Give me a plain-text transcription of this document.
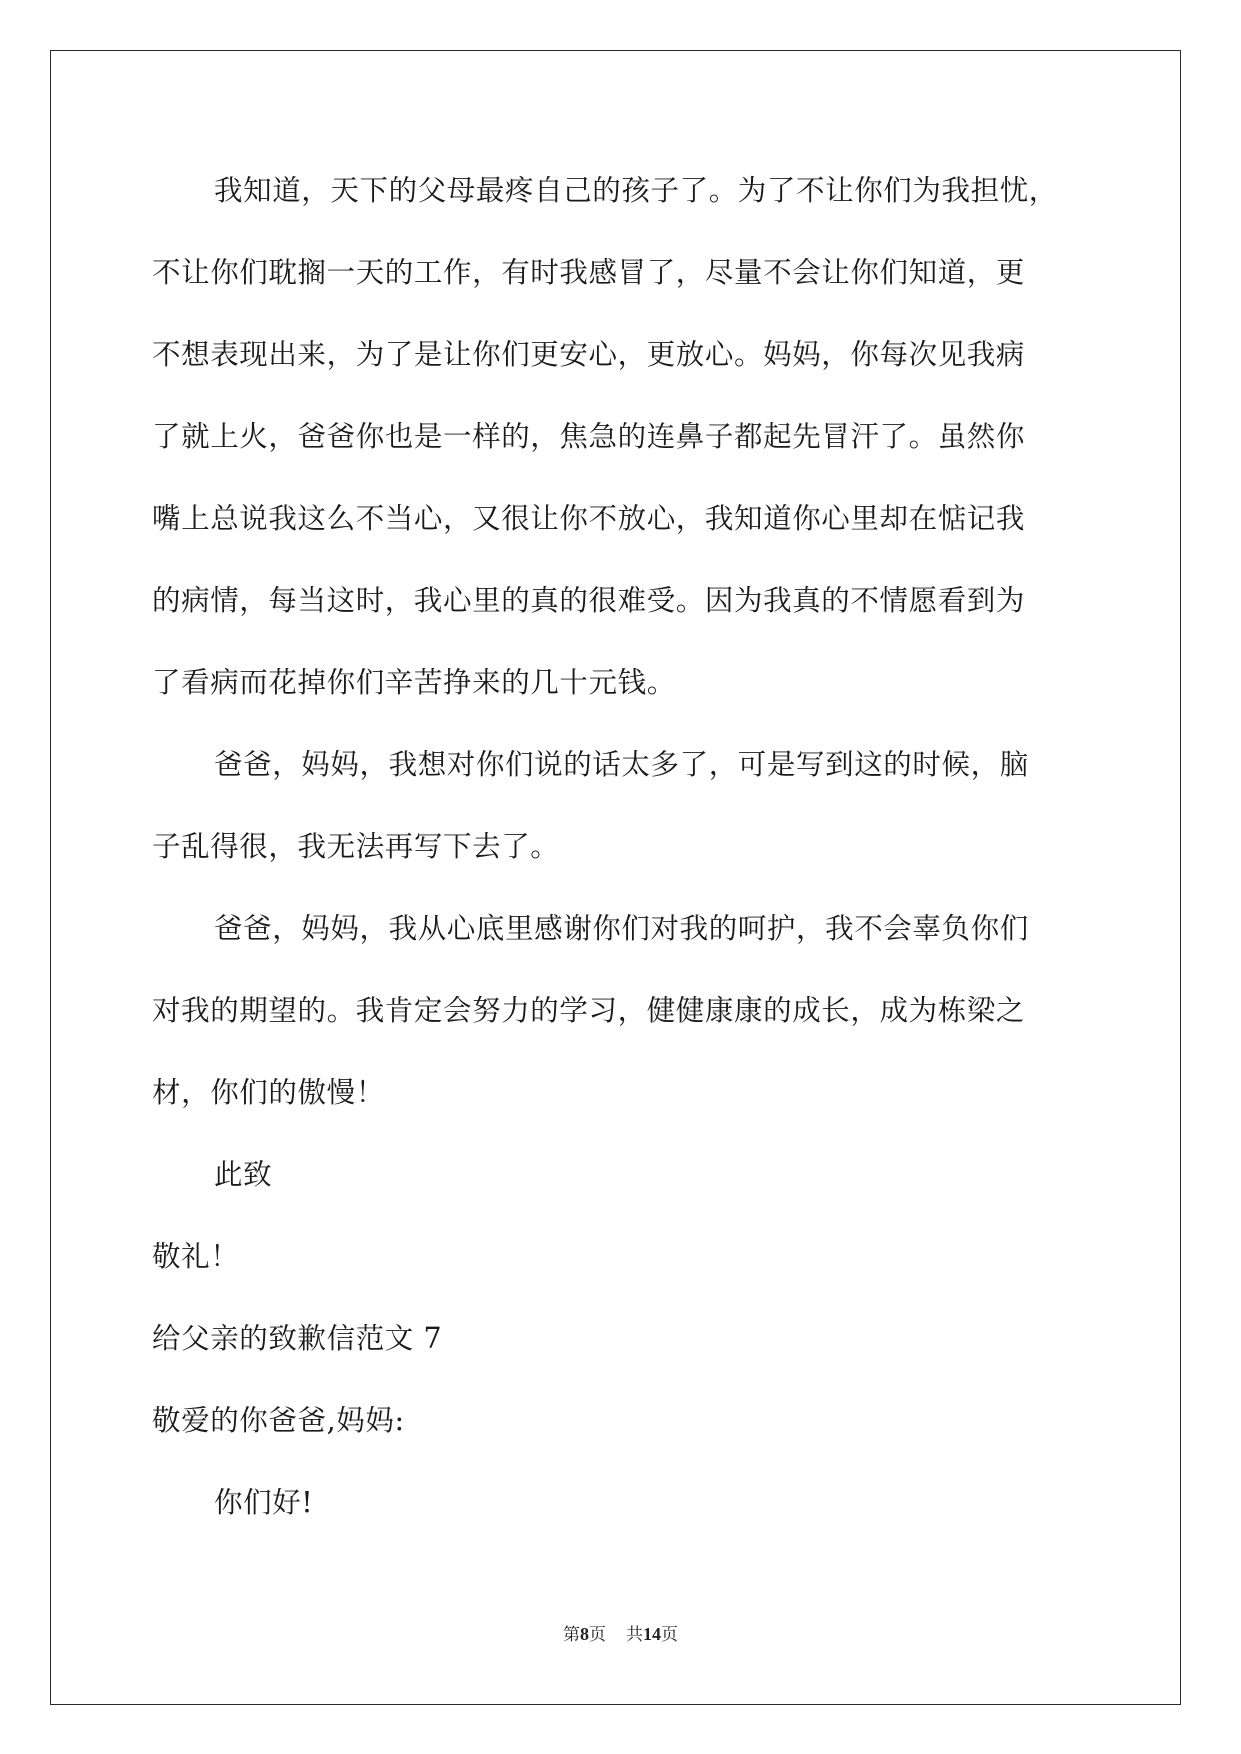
我知道，天下的父母最疼自己的孩子了。为了不让你们为我担忧，
不让你们耽搁一天的工作，有时我感冒了，尽量不会让你们知道，更
不想表现出来，为了是让你们更安心，更放心。妈妈，你每次见我病
了就上火，爸爸你也是一样的，焦急的连鼻子都起先冒汗了。虽然你
嘴上总说我这么不当心，又很让你不放心，我知道你心里却在惦记我
的病情，每当这时，我心里的真的很难受。因为我真的不情愿看到为
了看病而花掉你们辛苦挣来的几十元钱。
爸爸，妈妈，我想对你们说的话太多了，可是写到这的时候，脑
子乱得很，我无法再写下去了。
爸爸，妈妈，我从心底里感谢你们对我的呵护，我不会辜负你们
对我的期望的。我肯定会努力的学习，健健康康的成长，成为栋梁之
材，你们的傲慢！
此致
敬礼！
给父亲的致歉信范文 7
敬爱的你爸爸,妈妈:
你们好!
第8页 共14页
